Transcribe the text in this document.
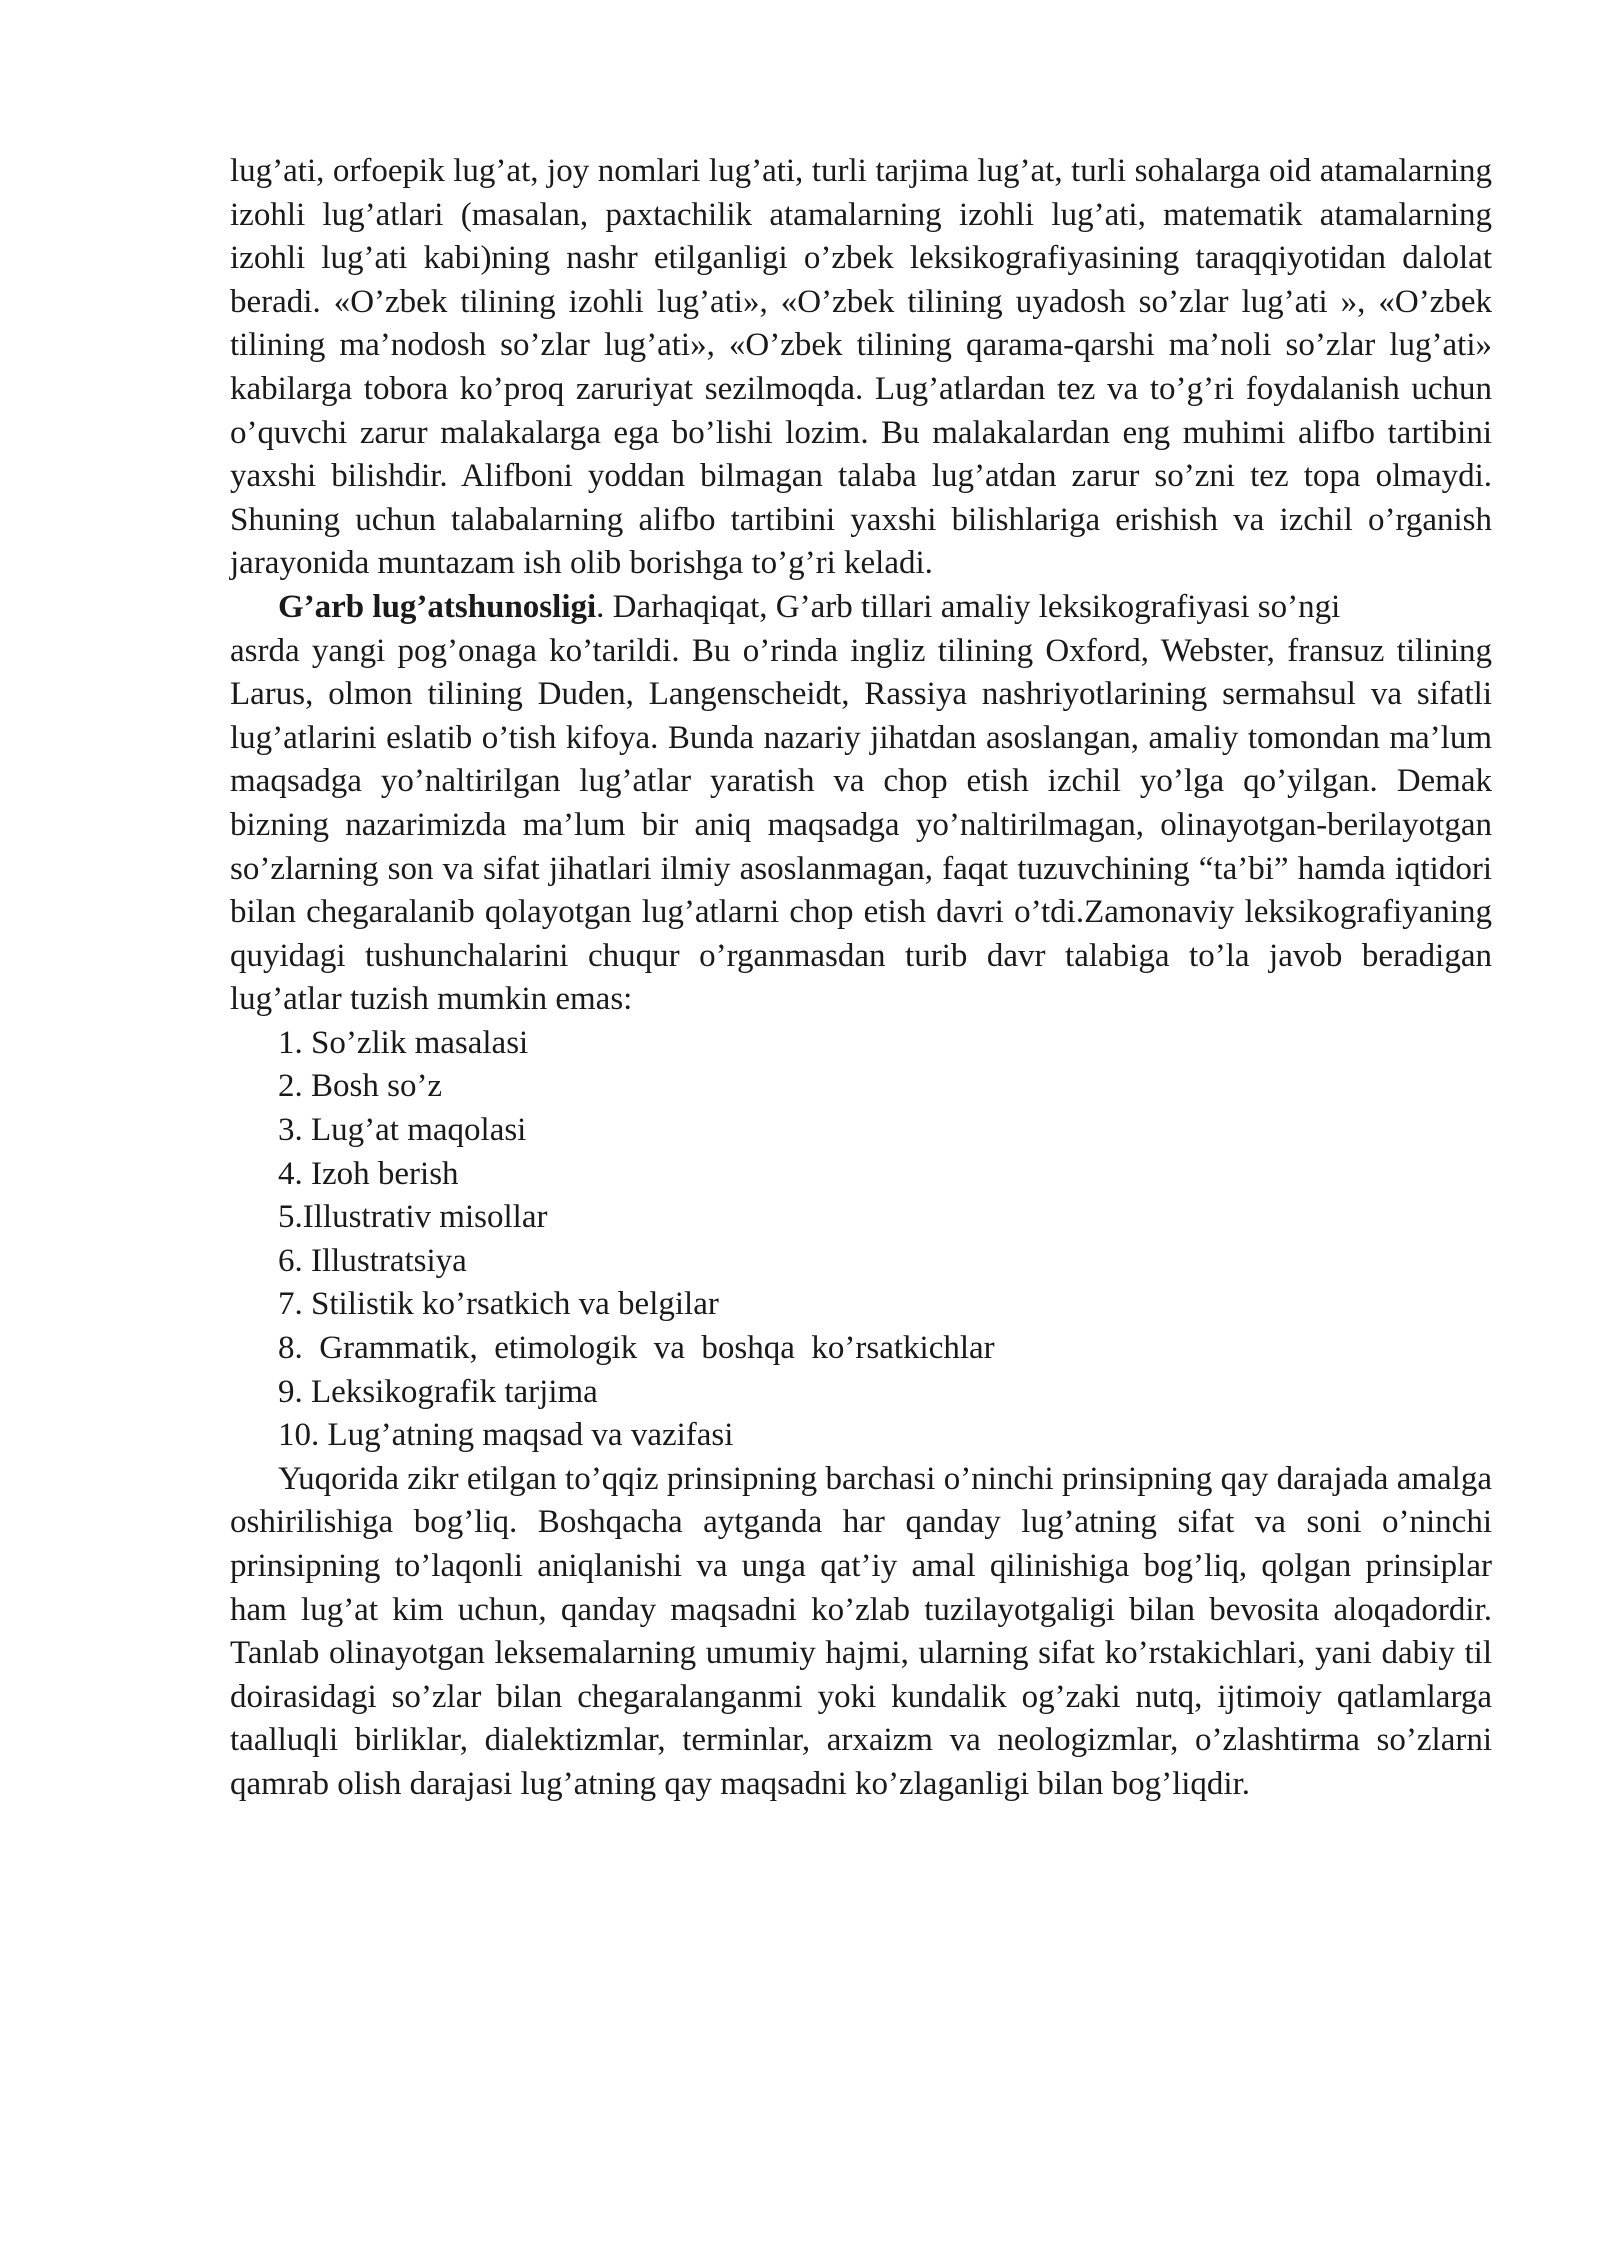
lug’ati, orfoepik lug’at, joy nomlari lug’ati, turli tarjima lug’at, turli sohalarga oid atamalarning izohli lug’atlari (masalan, paxtachilik atamalarning izohli lug’ati, matematik atamalarning izohli lug’ati kabi)ning nashr etilganligi o’zbek leksikografiyasining taraqqiyotidan dalolat beradi. «O’zbek tilining izohli lug’ati», «O’zbek tilining uyadosh so’zlar lug’ati », «O’zbek tilining ma’nodosh so’zlar lug’ati», «O’zbek tilining qarama-qarshi ma’noli so’zlar lug’ati» kabilarga tobora ko’proq zaruriyat sezilmoqda. Lug’atlardan tez va to’g’ri foydalanish uchun o’quvchi zarur malakalarga ega bo’lishi lozim. Bu malakalardan eng muhimi alifbo tartibini yaxshi bilishdir. Alifboni yoddan bilmagan talaba lug’atdan zarur so’zni tez topa olmaydi. Shuning uchun talabalarning alifbo tartibini yaxshi bilishlariga erishish va izchil o’rganish jarayonida muntazam ish olib borishga to’g’ri keladi.

G’arb lug’atshunosligi. Darhaqiqat, G’arb tillari amaliy leksikografiyasi so’ngi

asrda yangi pog’onaga ko’tarildi. Bu o’rinda ingliz tilining Oxford, Webster, fransuz tilining Larus, olmon tilining Duden, Langenscheidt, Rassiya nashriyotlarining sermahsul va sifatli lug’atlarini eslatib o’tish kifoya. Bunda nazariy jihatdan asoslangan, amaliy tomondan ma’lum maqsadga yo’naltirilgan lug’atlar yaratish va chop etish izchil yo’lga qo’yilgan. Demak bizning nazarimizda ma’lum bir aniq maqsadga yo’naltirilmagan, olinayotgan-berilayotgan so’zlarning son va sifat jihatlari ilmiy asoslanmagan, faqat tuzuvchining “ta’bi” hamda iqtidori bilan chegaralanib qolayotgan lug’atlarni chop etish davri o’tdi.Zamonaviy leksikografiyaning quyidagi tushunchalarini chuqur o’rganmasdan turib davr talabiga to’la javob beradigan lug’atlar tuzish mumkin emas:

1. So’zlik masalasi
2. Bosh so’z
3. Lug’at maqolasi
4. Izoh berish
5.Illustrativ misollar
6. Illustratsiya
7. Stilistik ko’rsatkich va belgilar
8.  Grammatik,  etimologik  va  boshqa  ko’rsatkichlar
9. Leksikografik tarjima
10. Lug’atning maqsad va vazifasi

Yuqorida zikr etilgan to’qqiz prinsipning barchasi o’ninchi prinsipning qay darajada amalga oshirilishiga bog’liq. Boshqacha aytganda har qanday lug’atning sifat va soni o’ninchi prinsipning to’laqonli aniqlanishi va unga qat’iy amal qilinishiga bog’liq, qolgan prinsiplar ham lug’at kim uchun, qanday maqsadni ko’zlab tuzilayotgaligi bilan bevosita aloqadordir. Tanlab olinayotgan leksemalarning umumiy hajmi, ularning sifat ko’rstakichlari, yani dabiy til doirasidagi so’zlar bilan chegaralanganmi yoki kundalik og’zaki nutq, ijtimoiy qatlamlarga taalluqli birliklar, dialektizmlar, terminlar, arxaizm va neologizmlar, o’zlashtirma so’zlarni qamrab olish darajasi lug’atning qay maqsadni ko’zlaganligi bilan bog’liqdir.
